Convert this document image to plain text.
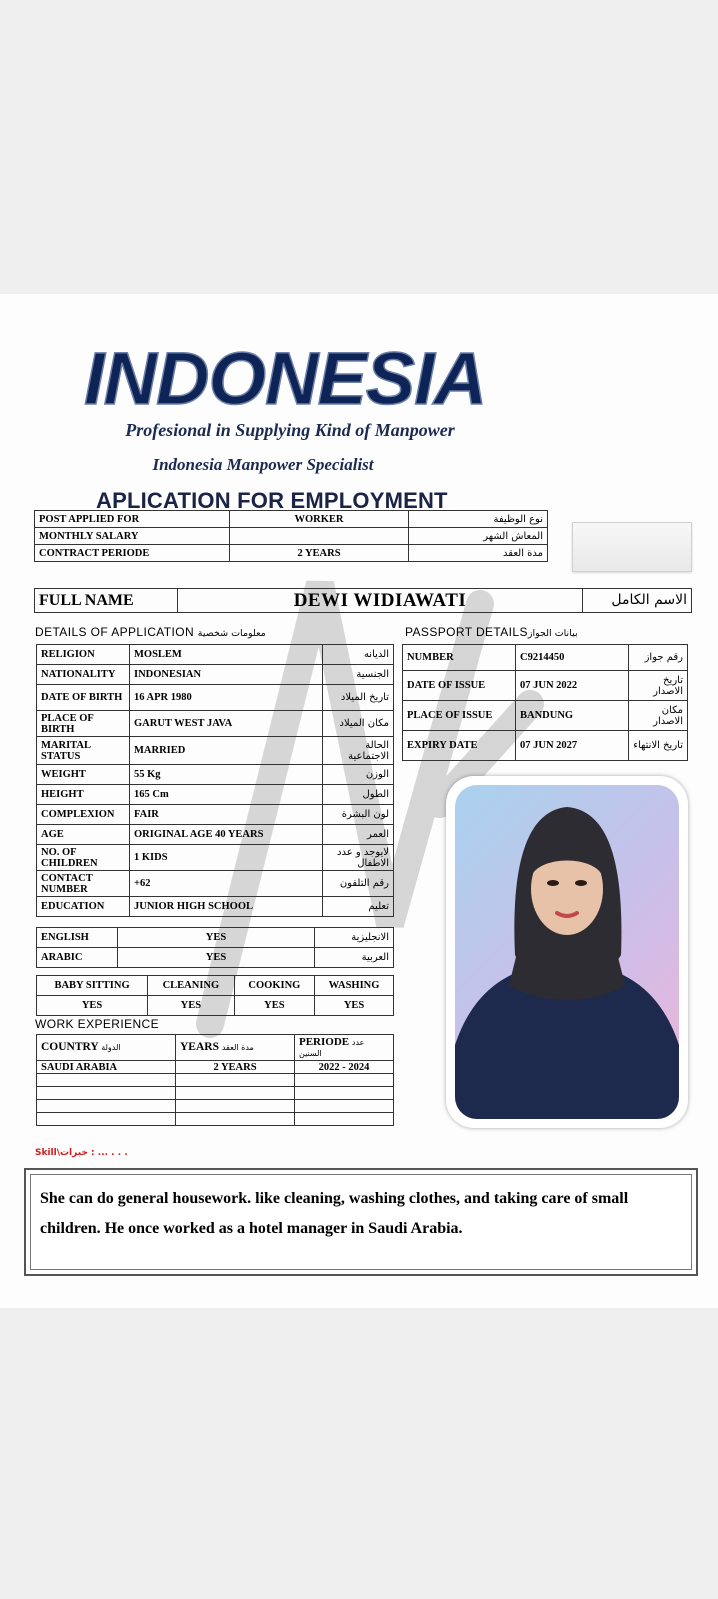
INDONESIA
Profesional in Supplying Kind of Manpower
Indonesia Manpower Specialist
APLICATION FOR EMPLOYMENT
POST APPLIED FOR	WORKER	نوع الوظيفة
MONTHLY SALARY		المعاش الشهر
CONTRACT PERIODE	2 YEARS	مدة العقد
FULL NAME	DEWI WIDIAWATI	الاسم الكامل
DETAILS OF APPLICATION معلومات شخصية	PASSPORT DETAILSبيانات الجواز
RELIGION	MOSLEM	الديانه
NATIONALITY	INDONESIAN	الجنسية
DATE OF BIRTH	16 APR 1980	تاريخ الميلاد
PLACE OF BIRTH	GARUT WEST JAVA	مكان الميلاد
MARITAL STATUS	MARRIED	الحالة الاجتماعية
WEIGHT	55 Kg	الوزن
HEIGHT	165 Cm	الطول
COMPLEXION	FAIR	لون البشرة
AGE	ORIGINAL AGE 40 YEARS	العمر
NO. OF CHILDREN	1 KIDS	لايوجد و عدد الاطفال
CONTACT NUMBER	+62	رقم التلفون
EDUCATION	JUNIOR HIGH SCHOOL	تعليم
NUMBER	C9214450	رقم جواز
DATE OF ISSUE	07 JUN 2022	تاريخ الاصدار
PLACE OF ISSUE	BANDUNG	مكان الاصدار
EXPIRY DATE	07 JUN 2027	تاريخ الانتهاء
ENGLISH	YES	الانجليزية
ARABIC	YES	العربية
BABY SITTING	CLEANING	COOKING	WASHING
YES	YES	YES	YES
WORK EXPERIENCE
COUNTRY الدولة	YEARS مدة العقد	PERIODE عدد السنين
SAUDI ARABIA	2 YEARS	2022 - 2024

Skill\خبرات : ... . . .
She can do general housework. like cleaning, washing clothes, and taking care of small children. He once worked as a hotel manager in Saudi Arabia.
